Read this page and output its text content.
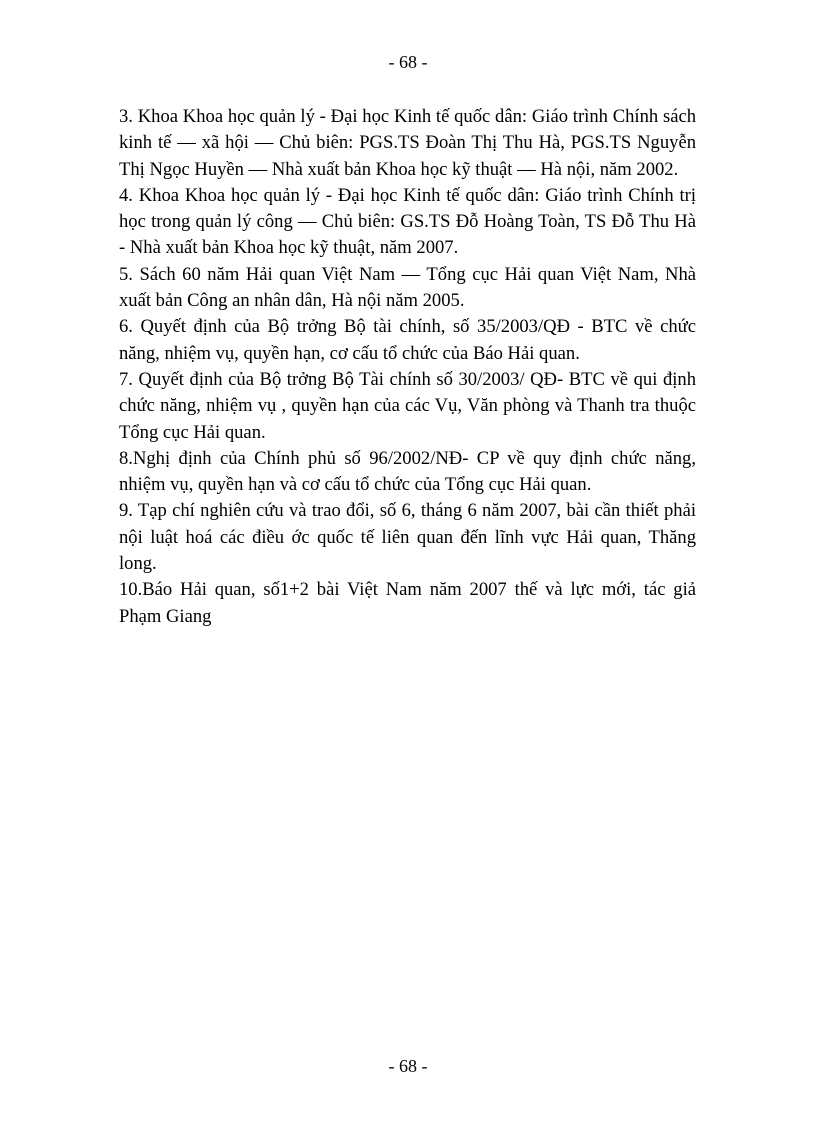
- 68 -

3. Khoa Khoa học quản lý - Đại học Kinh tế quốc dân: Giáo trình Chính sách kinh tế — xã hội — Chủ biên: PGS.TS Đoàn Thị Thu Hà, PGS.TS Nguyễn Thị Ngọc Huyền — Nhà xuất bản Khoa học kỹ thuật — Hà nội, năm 2002.

4. Khoa Khoa học quản lý - Đại học Kinh tế quốc dân: Giáo trình Chính trị học trong quản lý công — Chủ biên: GS.TS Đỗ Hoàng Toàn, TS Đỗ Thu Hà - Nhà xuất bản Khoa học kỹ thuật, năm 2007.

5. Sách 60 năm Hải quan Việt Nam — Tổng cục Hải quan Việt Nam, Nhà xuất bản Công an nhân dân, Hà nội năm 2005.

6. Quyết định của Bộ trởng Bộ tài chính, số 35/2003/QĐ - BTC về chức năng, nhiệm vụ, quyền hạn, cơ cấu tổ chức của Báo Hải quan.

7. Quyết định của Bộ trởng Bộ Tài chính số 30/2003/ QĐ- BTC về qui định chức năng, nhiệm vụ , quyền hạn của các Vụ, Văn phòng và Thanh tra thuộc Tổng cục Hải quan.

8.Nghị định của Chính phủ số 96/2002/NĐ- CP về quy định chức năng, nhiệm vụ, quyền hạn và cơ cấu tổ chức của Tổng cục Hải quan.

9. Tạp chí nghiên cứu và trao đổi, số 6, tháng 6 năm 2007, bài cần thiết phải nội luật hoá các điều ớc quốc tế liên quan đến lĩnh vực Hải quan, Thăng long.

10.Báo Hải quan, số1+2 bài Việt Nam năm 2007 thế và lực mới, tác giả Phạm Giang

- 68 -
